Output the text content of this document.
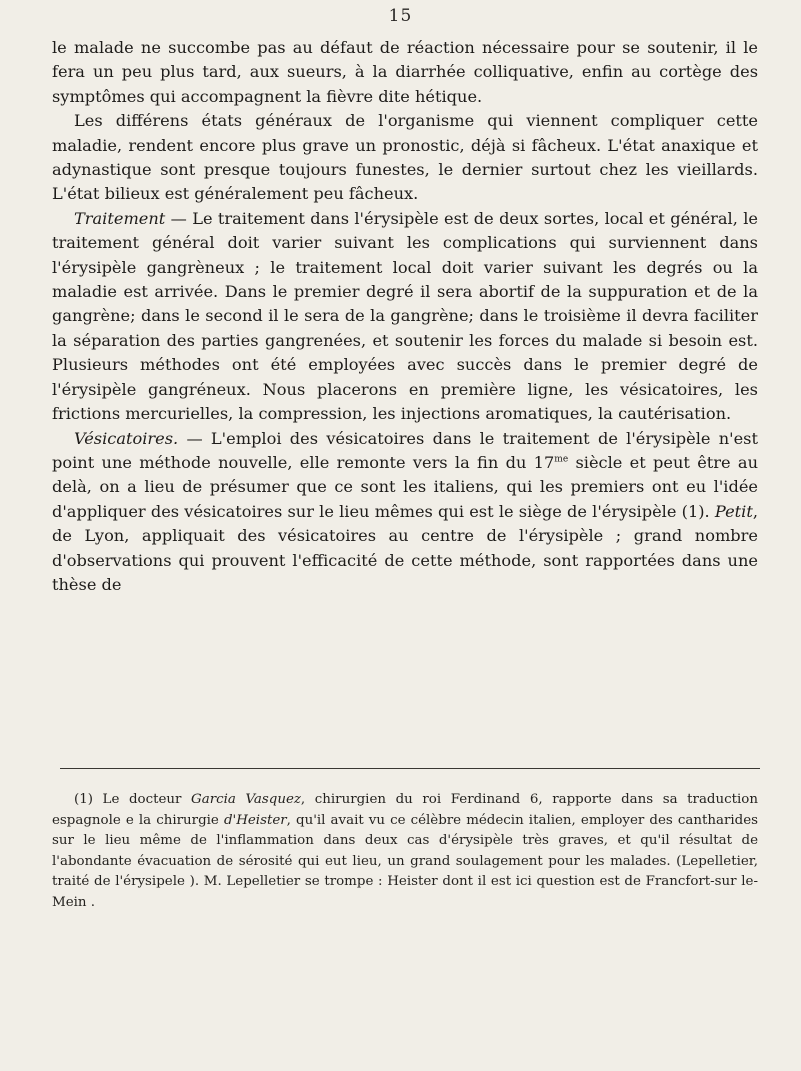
15

le malade ne succombe pas au défaut de réaction nécessaire pour se soutenir, il le fera un peu plus tard, aux sueurs, à la diarrhée colliquative, enfin au cortège des symptômes qui accompagnent la fièvre dite hétique.

Les différens états généraux de l'organisme qui viennent compliquer cette maladie, rendent encore plus grave un pronostic, déjà si fâcheux. L'état anaxique et adynastique sont presque toujours funestes, le dernier surtout chez les vieillards. L'état bilieux est généralement peu fâcheux.

Traitement — Le traitement dans l'érysipèle est de deux sortes, local et général, le traitement général doit varier suivant les complications qui surviennent dans l'érysipèle gangrèneux ; le traitement local doit varier suivant les degrés ou la maladie est arrivée. Dans le premier degré il sera abortif de la suppuration et de la gangrène; dans le second il le sera de la gangrène; dans le troisième il devra faciliter la séparation des parties gangrenées, et soutenir les forces du malade si besoin est. Plusieurs méthodes ont été employées avec succès dans le premier degré de l'érysipèle gangréneux. Nous placerons en première ligne, les vésicatoires, les frictions mercurielles, la compression, les injections aromatiques, la cautérisation.

Vésicatoires. — L'emploi des vésicatoires dans le traitement de l'érysipèle n'est point une méthode nouvelle, elle remonte vers la fin du $17^{me}$ siècle et peut être au delà, on a lieu de présumer que ce sont les italiens, qui les premiers ont eu l'idée d'appliquer des vésicatoires sur le lieu mêmes qui est le siège de l'érysipèle (1). Petit, de Lyon, appliquait des vésicatoires au centre de l'érysipèle ; grand nombre d'observations qui prouvent l'efficacité de cette méthode, sont rapportées dans une thèse de

(1) Le docteur Garcia Vasquez, chirurgien du roi Ferdinand 6, rapporte dans sa traduction espagnole e la chirurgie d'Heister, qu'il avait vu ce célèbre médecin italien, employer des cantharides sur le lieu même de l'inflammation dans deux cas d'érysipèle très graves, et qu'il résultat de l'abondante évacuation de sérosité qui eut lieu, un grand soulagement pour les malades. (Lepelletier, traité de l'érysipele ). M. Lepelletier se trompe : Heister dont il est ici question est de Francfort-sur le-Mein .
